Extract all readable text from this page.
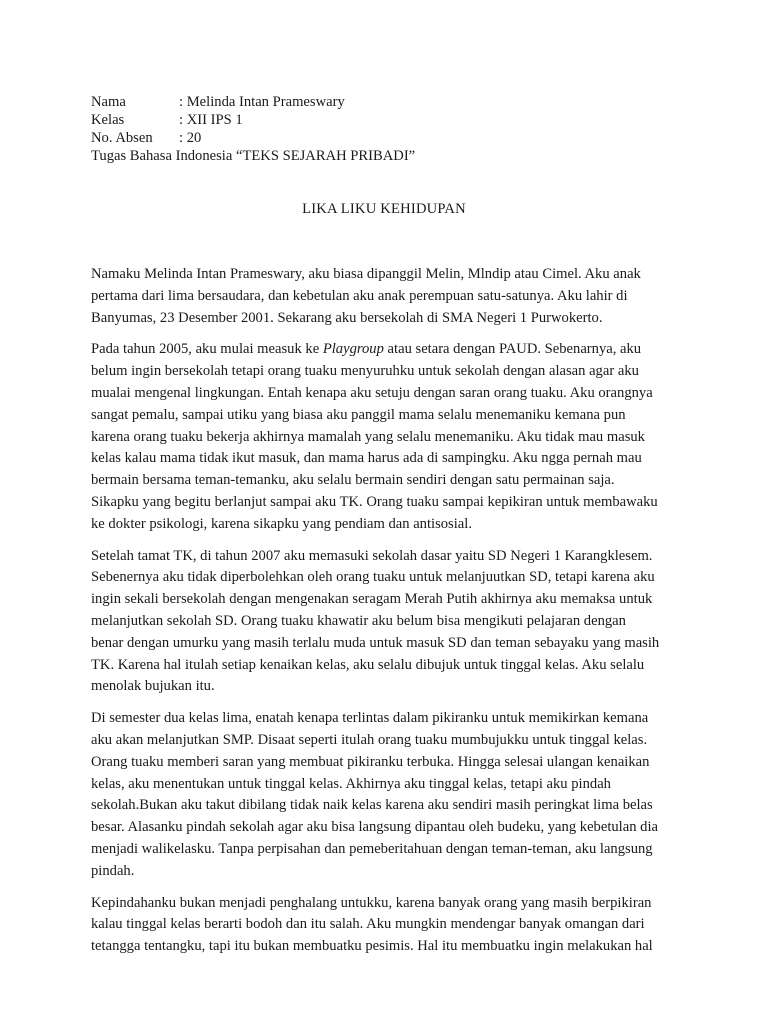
Nama	: Melinda Intan Prameswary
Kelas	: XII IPS 1
No. Absen	: 20
Tugas Bahasa Indonesia “TEKS SEJARAH PRIBADI”
LIKA LIKU KEHIDUPAN

Namaku Melinda Intan Prameswary, aku biasa dipanggil Melin, Mlndip atau Cimel. Aku anak
pertama dari lima bersaudara, dan kebetulan aku anak perempuan satu-satunya. Aku lahir di
Banyumas, 23 Desember 2001. Sekarang aku bersekolah di SMA Negeri 1 Purwokerto.

Pada tahun 2005, aku mulai measuk ke Playgroup atau setara dengan PAUD. Sebenarnya, aku
belum ingin bersekolah tetapi orang tuaku menyuruhku untuk sekolah dengan alasan agar aku
mualai mengenal lingkungan. Entah kenapa aku setuju dengan saran orang tuaku. Aku orangnya
sangat pemalu, sampai utiku yang biasa aku panggil mama selalu menemaniku kemana pun
karena orang tuaku bekerja akhirnya mamalah yang selalu menemaniku. Aku tidak mau masuk
kelas kalau mama tidak ikut masuk, dan mama harus ada di sampingku. Aku ngga pernah mau
bermain bersama teman-temanku, aku selalu bermain sendiri dengan satu permainan saja.
Sikapku yang begitu berlanjut sampai aku TK. Orang tuaku sampai kepikiran untuk membawaku
ke dokter psikologi, karena sikapku yang pendiam dan antisosial.

Setelah tamat TK, di tahun 2007 aku memasuki sekolah dasar yaitu SD Negeri 1 Karangklesem.
Sebenernya aku tidak diperbolehkan oleh orang tuaku untuk melanjuutkan SD, tetapi karena aku
ingin sekali bersekolah dengan mengenakan seragam Merah Putih akhirnya aku memaksa untuk
melanjutkan sekolah SD. Orang tuaku khawatir aku belum bisa mengikuti pelajaran dengan
benar dengan umurku yang masih terlalu muda untuk masuk SD dan teman sebayaku yang masih
TK. Karena hal itulah setiap kenaikan kelas, aku selalu dibujuk untuk tinggal kelas. Aku selalu
menolak bujukan itu.

Di semester dua kelas lima, enatah kenapa terlintas dalam pikiranku untuk memikirkan kemana
aku akan melanjutkan SMP. Disaat seperti itulah orang tuaku mumbujukku untuk tinggal kelas.
Orang tuaku memberi saran yang membuat pikiranku terbuka. Hingga selesai ulangan kenaikan
kelas, aku menentukan untuk tinggal kelas. Akhirnya aku tinggal kelas, tetapi aku pindah
sekolah.Bukan aku takut dibilang tidak naik kelas karena aku sendiri masih peringkat lima belas
besar. Alasanku pindah sekolah agar aku bisa langsung dipantau oleh budeku, yang kebetulan dia
menjadi walikelasku. Tanpa perpisahan dan pemeberitahuan dengan teman-teman, aku langsung
pindah.

Kepindahanku bukan menjadi penghalang untukku, karena banyak orang yang masih berpikiran
kalau tinggal kelas berarti bodoh dan itu salah. Aku mungkin mendengar banyak omangan dari
tetangga tentangku, tapi itu bukan membuatku pesimis. Hal itu membuatku ingin melakukan hal
